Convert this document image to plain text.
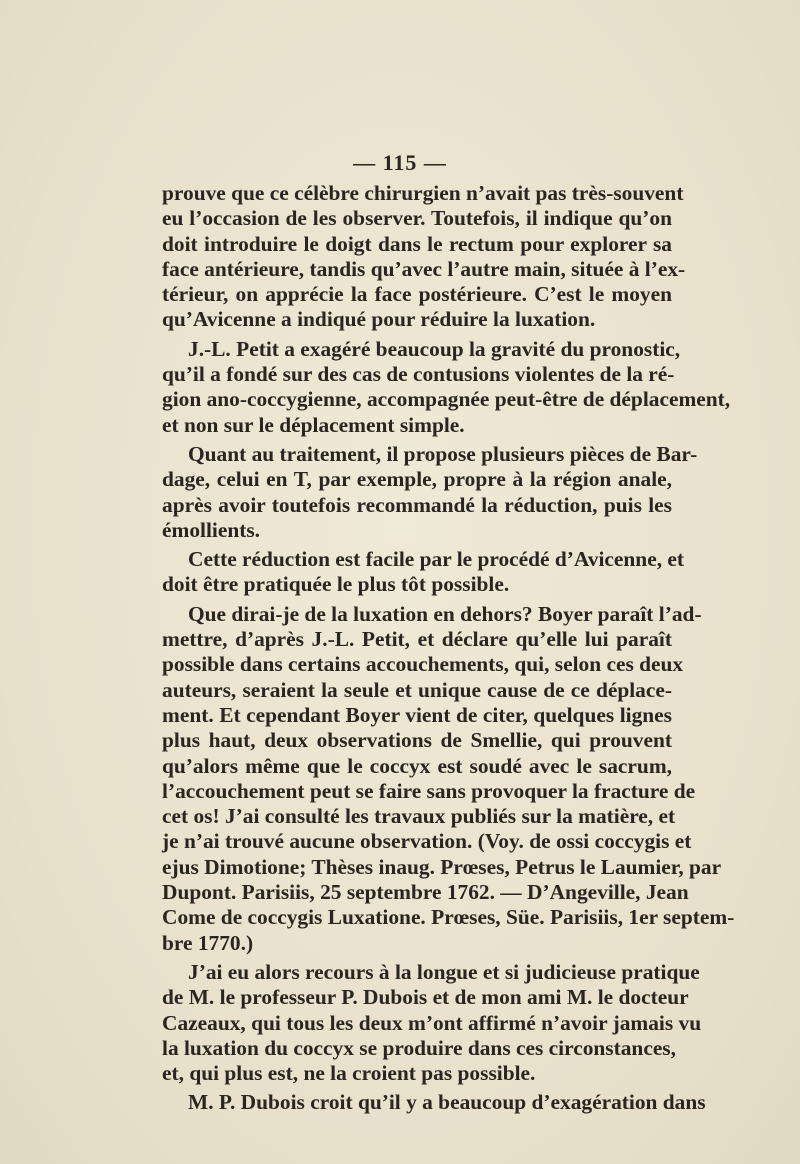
— 115 —
prouve que ce célèbre chirurgien n’avait pas très-souvent
eu l’occasion de les observer. Toutefois, il indique qu’on
doit introduire le doigt dans le rectum pour explorer sa
face antérieure, tandis qu’avec l’autre main, située à l’ex-
térieur, on apprécie la face postérieure. C’est le moyen
qu’Avicenne a indiqué pour réduire la luxation.
J.-L. Petit a exagéré beaucoup la gravité du pronostic,
qu’il a fondé sur des cas de contusions violentes de la ré-
gion ano-coccygienne, accompagnée peut-être de déplacement,
et non sur le déplacement simple.
Quant au traitement, il propose plusieurs pièces de Bar-
dage, celui en T, par exemple, propre à la région anale,
après avoir toutefois recommandé la réduction, puis les
émollients.
Cette réduction est facile par le procédé d’Avicenne, et
doit être pratiquée le plus tôt possible.
Que dirai-je de la luxation en dehors? Boyer paraît l’ad-
mettre, d’après J.-L. Petit, et déclare qu’elle lui paraît
possible dans certains accouchements, qui, selon ces deux
auteurs, seraient la seule et unique cause de ce déplace-
ment. Et cependant Boyer vient de citer, quelques lignes
plus haut, deux observations de Smellie, qui prouvent
qu’alors même que le coccyx est soudé avec le sacrum,
l’accouchement peut se faire sans provoquer la fracture de
cet os! J’ai consulté les travaux publiés sur la matière, et
je n’ai trouvé aucune observation. (Voy. de ossi coccygis et
ejus Dimotione; Thèses inaug. Prœses, Petrus le Laumier, par
Dupont. Parisiis, 25 septembre 1762. — D’Angeville, Jean
Come de coccygis Luxatione. Prœses, Süe. Parisiis, 1er septem-
bre 1770.)
J’ai eu alors recours à la longue et si judicieuse pratique
de M. le professeur P. Dubois et de mon ami M. le docteur
Cazeaux, qui tous les deux m’ont affirmé n’avoir jamais vu
la luxation du coccyx se produire dans ces circonstances,
et, qui plus est, ne la croient pas possible.
M. P. Dubois croit qu’il y a beaucoup d’exagération dans
